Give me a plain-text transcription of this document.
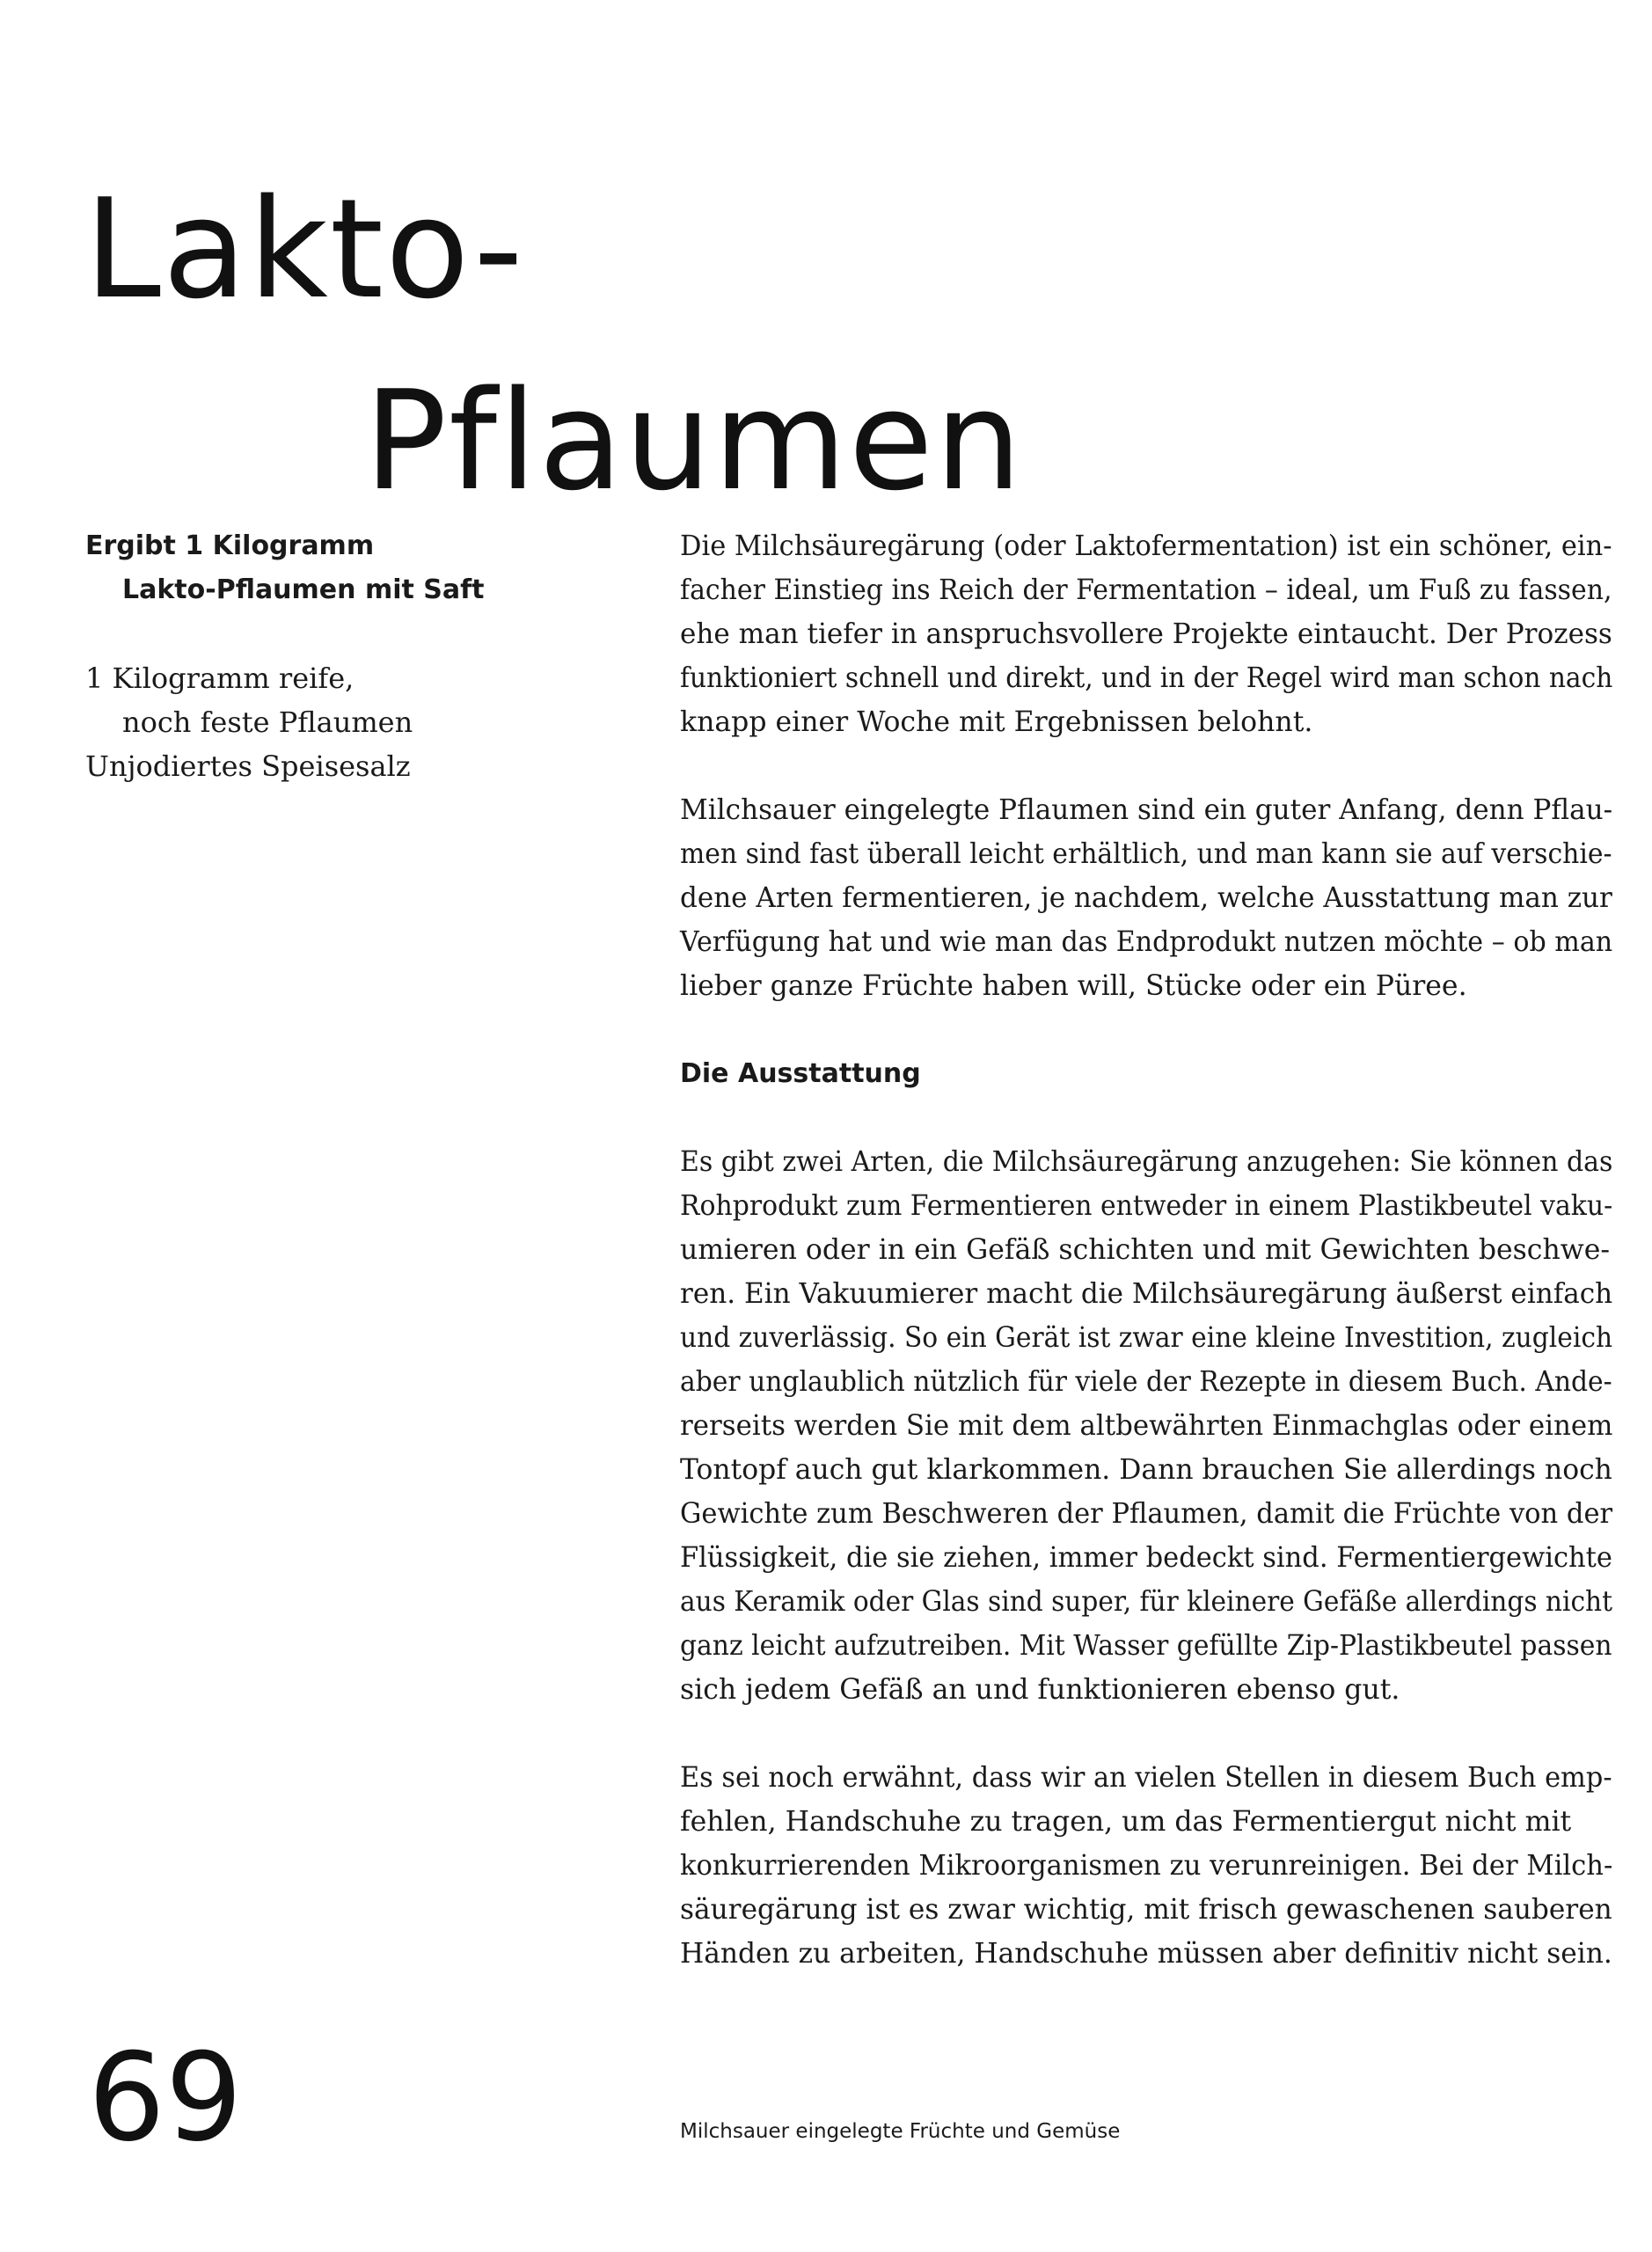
Lakto-
Pflaumen
Ergibt 1 Kilogramm
Lakto-Pflaumen mit Saft
1 Kilogramm reife,
noch feste Pflaumen
Unjodiertes Speisesalz
Die Milchsäuregärung (oder Laktofermentation) ist ein schöner, ein-
facher Einstieg ins Reich der Fermentation – ideal, um Fuß zu fassen,
ehe man tiefer in anspruchsvollere Projekte eintaucht. Der Prozess
funktioniert schnell und direkt, und in der Regel wird man schon nach
knapp einer Woche mit Ergebnissen belohnt.
Milchsauer eingelegte Pflaumen sind ein guter Anfang, denn Pflau-
men sind fast überall leicht erhältlich, und man kann sie auf verschie-
dene Arten fermentieren, je nachdem, welche Ausstattung man zur
Verfügung hat und wie man das Endprodukt nutzen möchte – ob man
lieber ganze Früchte haben will, Stücke oder ein Püree.
Die Ausstattung
Es gibt zwei Arten, die Milchsäuregärung anzugehen: Sie können das
Rohprodukt zum Fermentieren entweder in einem Plastikbeutel vaku-
umieren oder in ein Gefäß schichten und mit Gewichten beschwe-
ren. Ein Vakuumierer macht die Milchsäuregärung äußerst einfach
und zuverlässig. So ein Gerät ist zwar eine kleine Investition, zugleich
aber unglaublich nützlich für viele der Rezepte in diesem Buch. Ande-
rerseits werden Sie mit dem altbewährten Einmachglas oder einem
Tontopf auch gut klarkommen. Dann brauchen Sie allerdings noch
Gewichte zum Beschweren der Pflaumen, damit die Früchte von der
Flüssigkeit, die sie ziehen, immer bedeckt sind. Fermentiergewichte
aus Keramik oder Glas sind super, für kleinere Gefäße allerdings nicht
ganz leicht aufzutreiben. Mit Wasser gefüllte Zip-Plastikbeutel passen
sich jedem Gefäß an und funktionieren ebenso gut.
Es sei noch erwähnt, dass wir an vielen Stellen in diesem Buch emp-
fehlen, Handschuhe zu tragen, um das Fermentiergut nicht mit
konkurrierenden Mikroorganismen zu verunreinigen. Bei der Milch-
säuregärung ist es zwar wichtig, mit frisch gewaschenen sauberen
Händen zu arbeiten, Handschuhe müssen aber definitiv nicht sein.
69	Milchsauer eingelegte Früchte und Gemüse
